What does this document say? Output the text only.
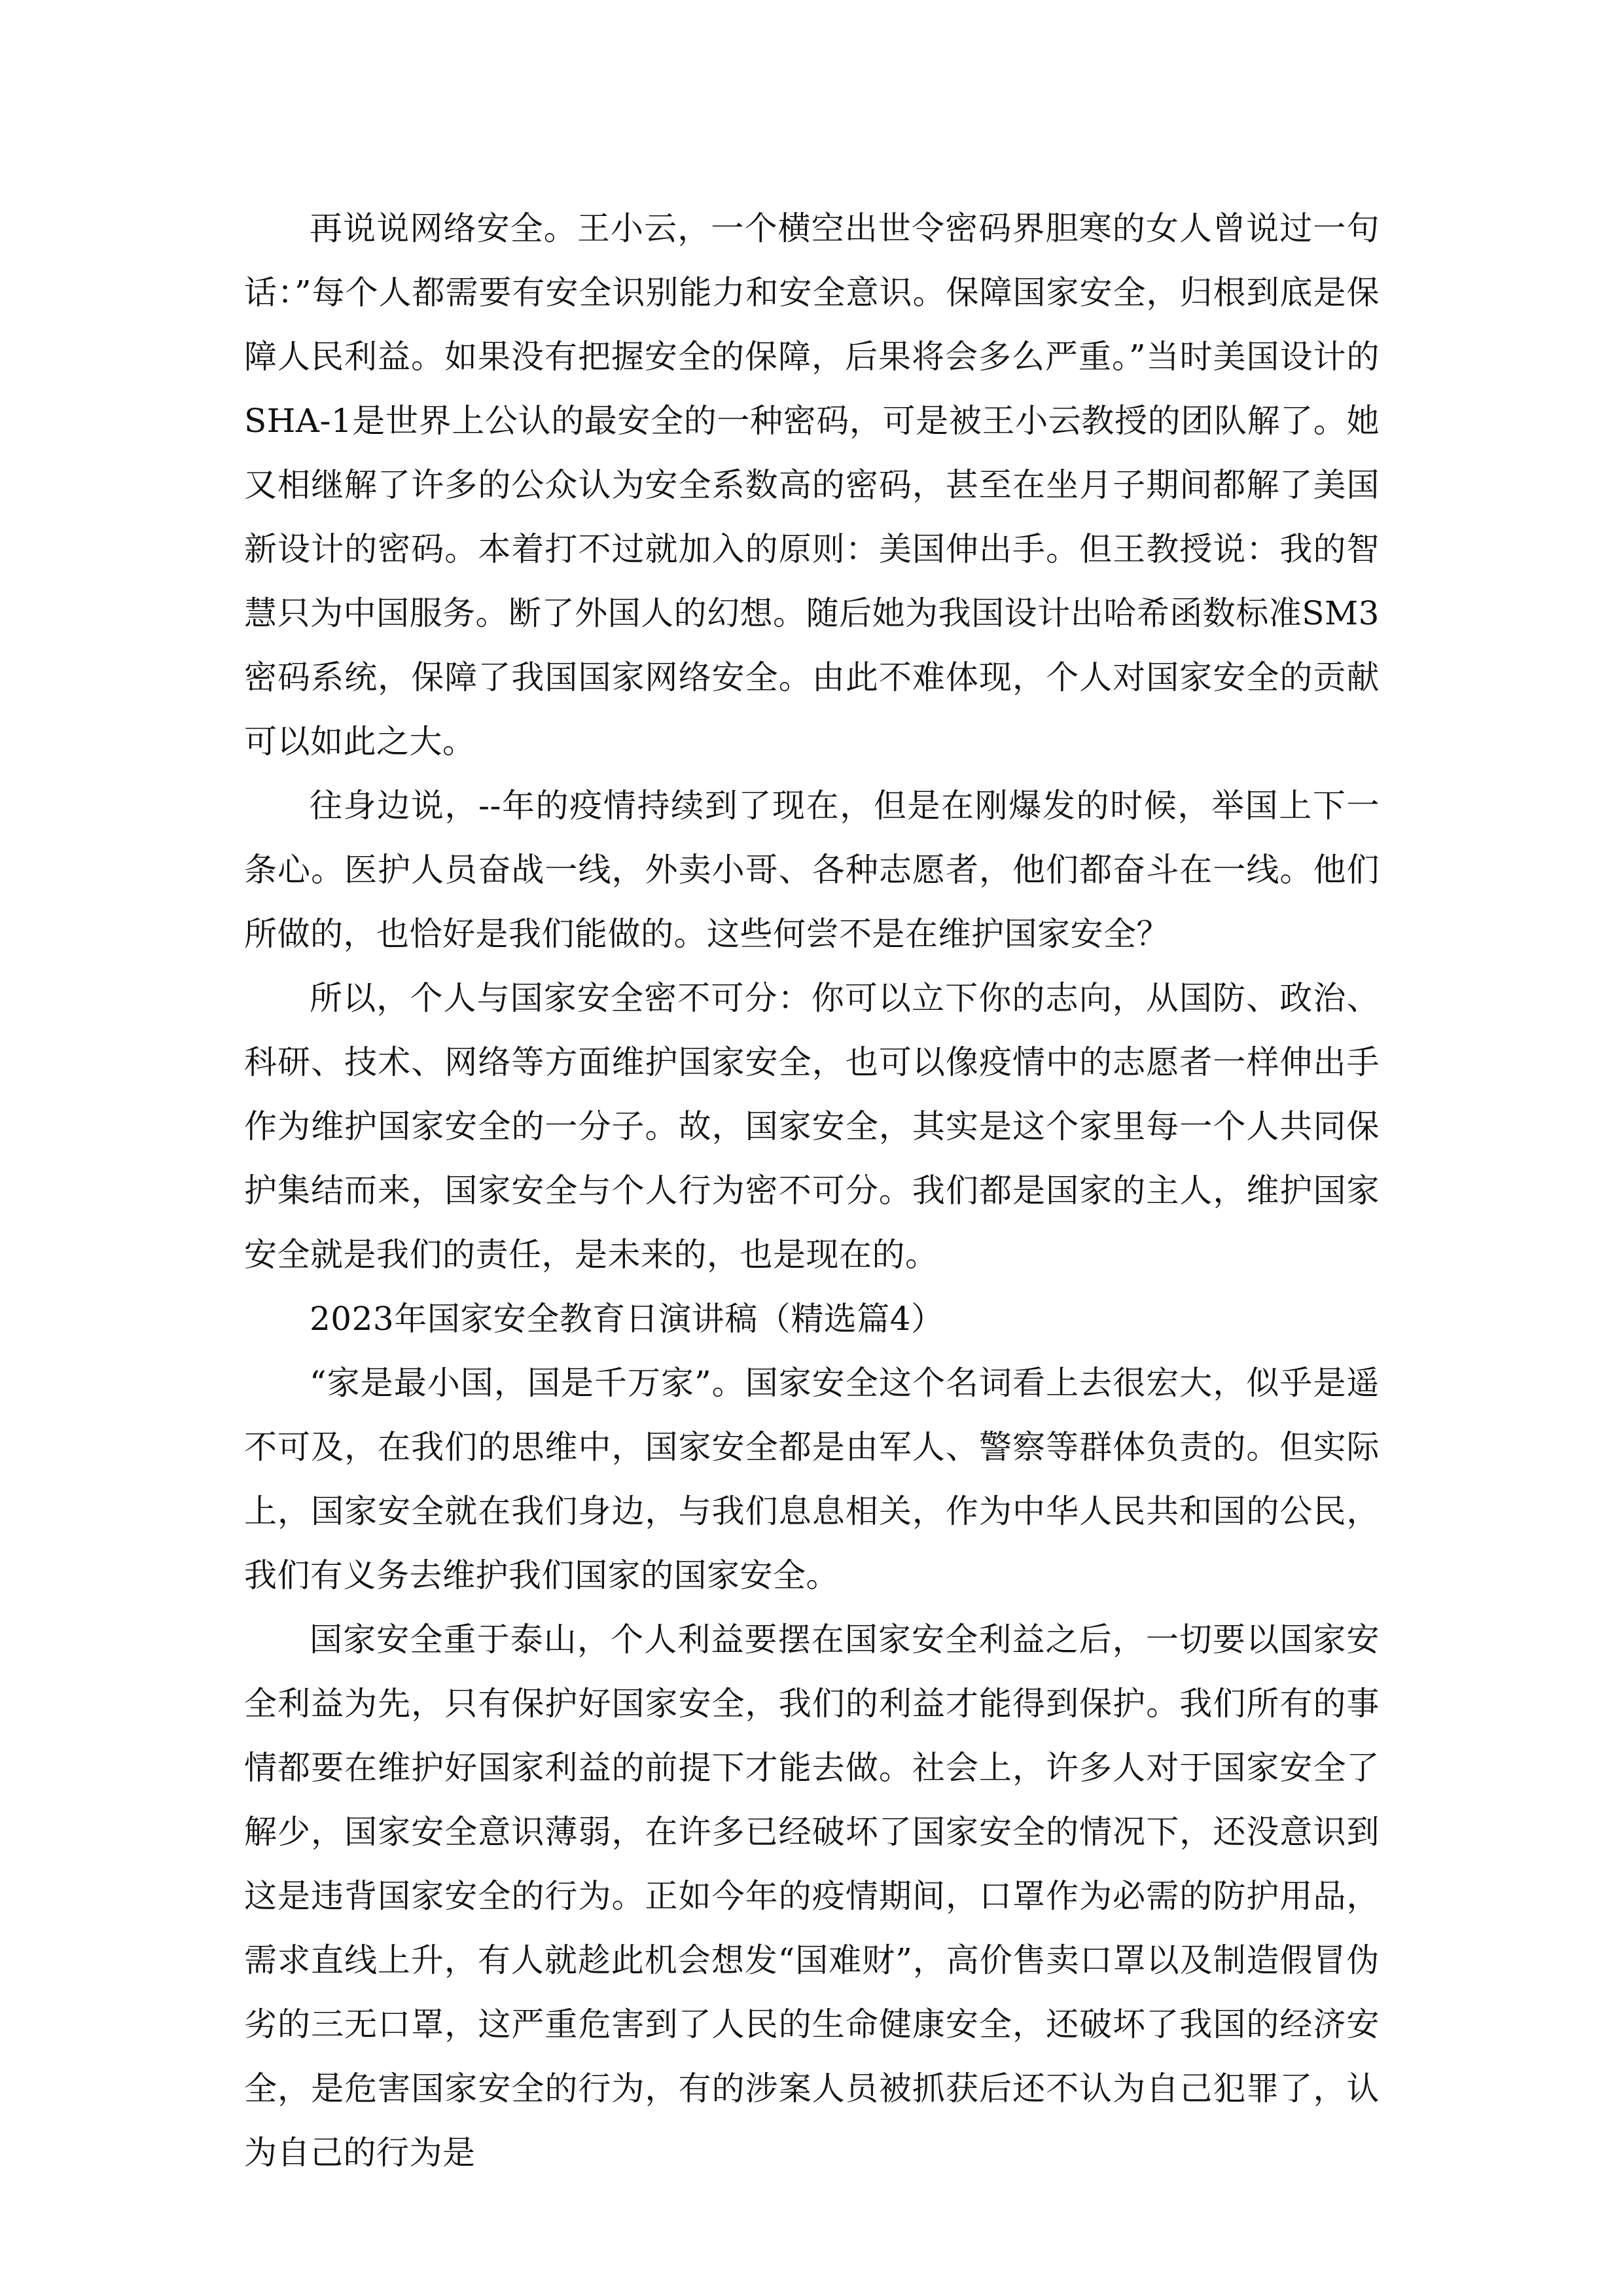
再说说网络安全。王小云，一个横空出世令密码界胆寒的女人曾说过一句话：”每个人都需要有安全识别能力和安全意识。保障国家安全，归根到底是保障人民利益。如果没有把握安全的保障，后果将会多么严重。”当时美国设计的SHA-1是世界上公认的最安全的一种密码，可是被王小云教授的团队解了。她又相继解了许多的公众认为安全系数高的密码，甚至在坐月子期间都解了美国新设计的密码。本着打不过就加入的原则：美国伸出手。但王教授说：我的智慧只为中国服务。断了外国人的幻想。随后她为我国设计出哈希函数标准SM3密码系统，保障了我国国家网络安全。由此不难体现，个人对国家安全的贡献可以如此之大。

往身边说，--年的疫情持续到了现在，但是在刚爆发的时候，举国上下一条心。医护人员奋战一线，外卖小哥、各种志愿者，他们都奋斗在一线。他们所做的，也恰好是我们能做的。这些何尝不是在维护国家安全？

所以，个人与国家安全密不可分：你可以立下你的志向，从国防、政治、科研、技术、网络等方面维护国家安全，也可以像疫情中的志愿者一样伸出手作为维护国家安全的一分子。故，国家安全，其实是这个家里每一个人共同保护集结而来，国家安全与个人行为密不可分。我们都是国家的主人，维护国家安全就是我们的责任，是未来的，也是现在的。

2023年国家安全教育日演讲稿（精选篇4）

“家是最小国，国是千万家”。国家安全这个名词看上去很宏大，似乎是遥不可及，在我们的思维中，国家安全都是由军人、警察等群体负责的。但实际上，国家安全就在我们身边，与我们息息相关，作为中华人民共和国的公民，我们有义务去维护我们国家的国家安全。

国家安全重于泰山，个人利益要摆在国家安全利益之后，一切要以国家安全利益为先，只有保护好国家安全，我们的利益才能得到保护。我们所有的事情都要在维护好国家利益的前提下才能去做。社会上，许多人对于国家安全了解少，国家安全意识薄弱，在许多已经破坏了国家安全的情况下，还没意识到这是违背国家安全的行为。正如今年的疫情期间，口罩作为必需的防护用品，需求直线上升，有人就趁此机会想发“国难财”，高价售卖口罩以及制造假冒伪劣的三无口罩，这严重危害到了人民的生命健康安全，还破坏了我国的经济安全，是危害国家安全的行为，有的涉案人员被抓获后还不认为自己犯罪了，认为自己的行为是
